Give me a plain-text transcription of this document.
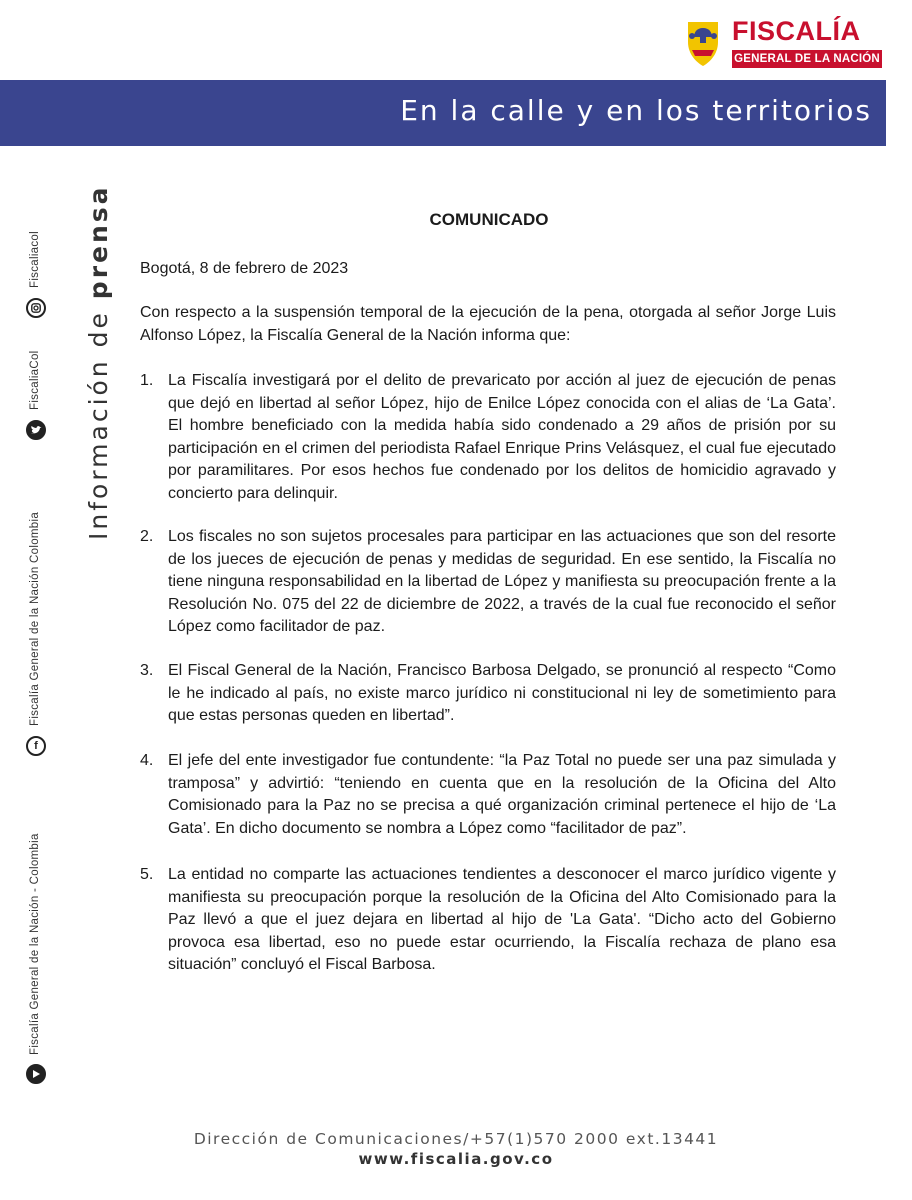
FISCALÍA
GENERAL DE LA NACIÓN
En la calle y en los territorios
Información de prensa
Fiscalía General de la Nación - Colombia
f
Fiscalía General de la Nación Colombia
FiscaliaCol
Fiscaliacol
COMUNICADO
Bogotá, 8 de febrero de 2023
Con respecto a la suspensión temporal de la ejecución de la pena, otorgada al señor Jorge Luis Alfonso López, la Fiscalía General de la Nación informa que:
1. La Fiscalía investigará por el delito de prevaricato por acción al juez de ejecución de penas que dejó en libertad al señor López, hijo de Enilce López conocida con el alias de ‘La Gata’. El hombre beneficiado con la medida había sido condenado a 29 años de prisión por su participación en el crimen del periodista Rafael Enrique Prins Velásquez, el cual fue ejecutado por paramilitares. Por esos hechos fue condenado por los delitos de homicidio agravado y concierto para delinquir.
2. Los fiscales no son sujetos procesales para participar en las actuaciones que son del resorte de los jueces de ejecución de penas y medidas de seguridad. En ese sentido, la Fiscalía no tiene ninguna responsabilidad en la libertad de López y manifiesta su preocupación frente a la Resolución No. 075 del 22 de diciembre de 2022, a través de la cual fue reconocido el señor López como facilitador de paz.
3. El Fiscal General de la Nación, Francisco Barbosa Delgado, se pronunció al respecto “Como le he indicado al país, no existe marco jurídico ni constitucional ni ley de sometimiento para que estas personas queden en libertad”.
4. El jefe del ente investigador fue contundente: “la Paz Total no puede ser una paz simulada y tramposa” y advirtió: “teniendo en cuenta que en la resolución de la Oficina del Alto Comisionado para la Paz no se precisa a qué organización criminal pertenece el hijo de ‘La Gata’. En dicho documento se nombra a López como “facilitador de paz”.
5. La entidad no comparte las actuaciones tendientes a desconocer el marco jurídico vigente y manifiesta su preocupación porque la resolución de la Oficina del Alto Comisionado para la Paz llevó a que el juez dejara en libertad al hijo de 'La Gata'. “Dicho acto del Gobierno provoca esa libertad, eso no puede estar ocurriendo, la Fiscalía rechaza de plano esa situación” concluyó el Fiscal Barbosa.
Dirección de Comunicaciones/+57(1)570 2000 ext.13441
www.fiscalia.gov.co
